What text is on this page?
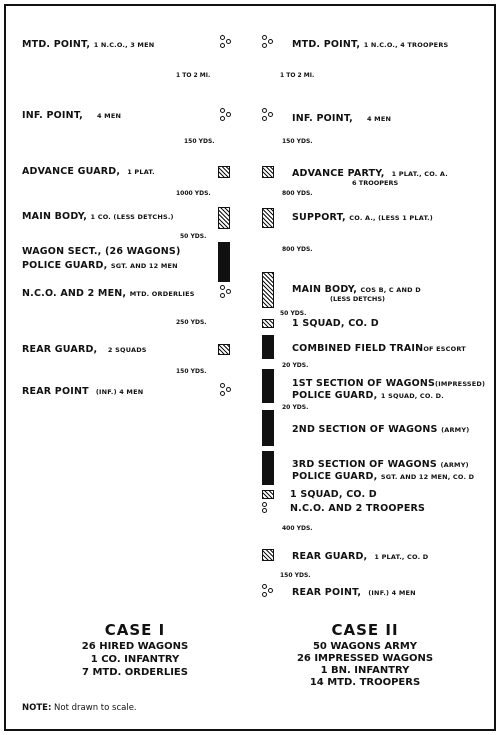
MTD. POINT, 1 N.C.O., 3 MEN
1 TO 2 MI.
INF. POINT, 4 MEN
150 YDS.
ADVANCE GUARD, 1 PLAT.
1000 YDS.
MAIN BODY, 1 CO. (LESS DETCHS.)
50 YDS.
WAGON SECT., (26 WAGONS)
POLICE GUARD, SGT. AND 12 MEN
N.C.O. AND 2 MEN, MTD. ORDERLIES
250 YDS.
REAR GUARD, 2 SQUADS
150 YDS.
REAR POINT (INF.) 4 MEN
MTD. POINT, 1 N.C.O., 4 TROOPERS
1 TO 2 MI.
INF. POINT, 4 MEN
150 YDS.
ADVANCE PARTY, 1 PLAT., CO. A.
6 TROOPERS
800 YDS.
SUPPORT, CO. A., (LESS 1 PLAT.)
800 YDS.
MAIN BODY, COS B, C AND D
(LESS DETCHS)
50 YDS.
1 SQUAD, CO. D
COMBINED FIELD TRAINOF ESCORT
20 YDS.
1ST SECTION OF WAGONS(IMPRESSED)
POLICE GUARD, 1 SQUAD, CO. D.
20 YDS.
2ND SECTION OF WAGONS (ARMY)
3RD SECTION OF WAGONS (ARMY)
POLICE GUARD, SGT. AND 12 MEN, CO. D
1 SQUAD, CO. D
N.C.O. AND 2 TROOPERS
400 YDS.
REAR GUARD, 1 PLAT., CO. D
150 YDS.
REAR POINT, (INF.) 4 MEN
CASE I
26 HIRED WAGONS
1 CO. INFANTRY
7 MTD. ORDERLIES
CASE II
50 WAGONS ARMY
26 IMPRESSED WAGONS
1 BN. INFANTRY
14 MTD. TROOPERS
NOTE: Not drawn to scale.
